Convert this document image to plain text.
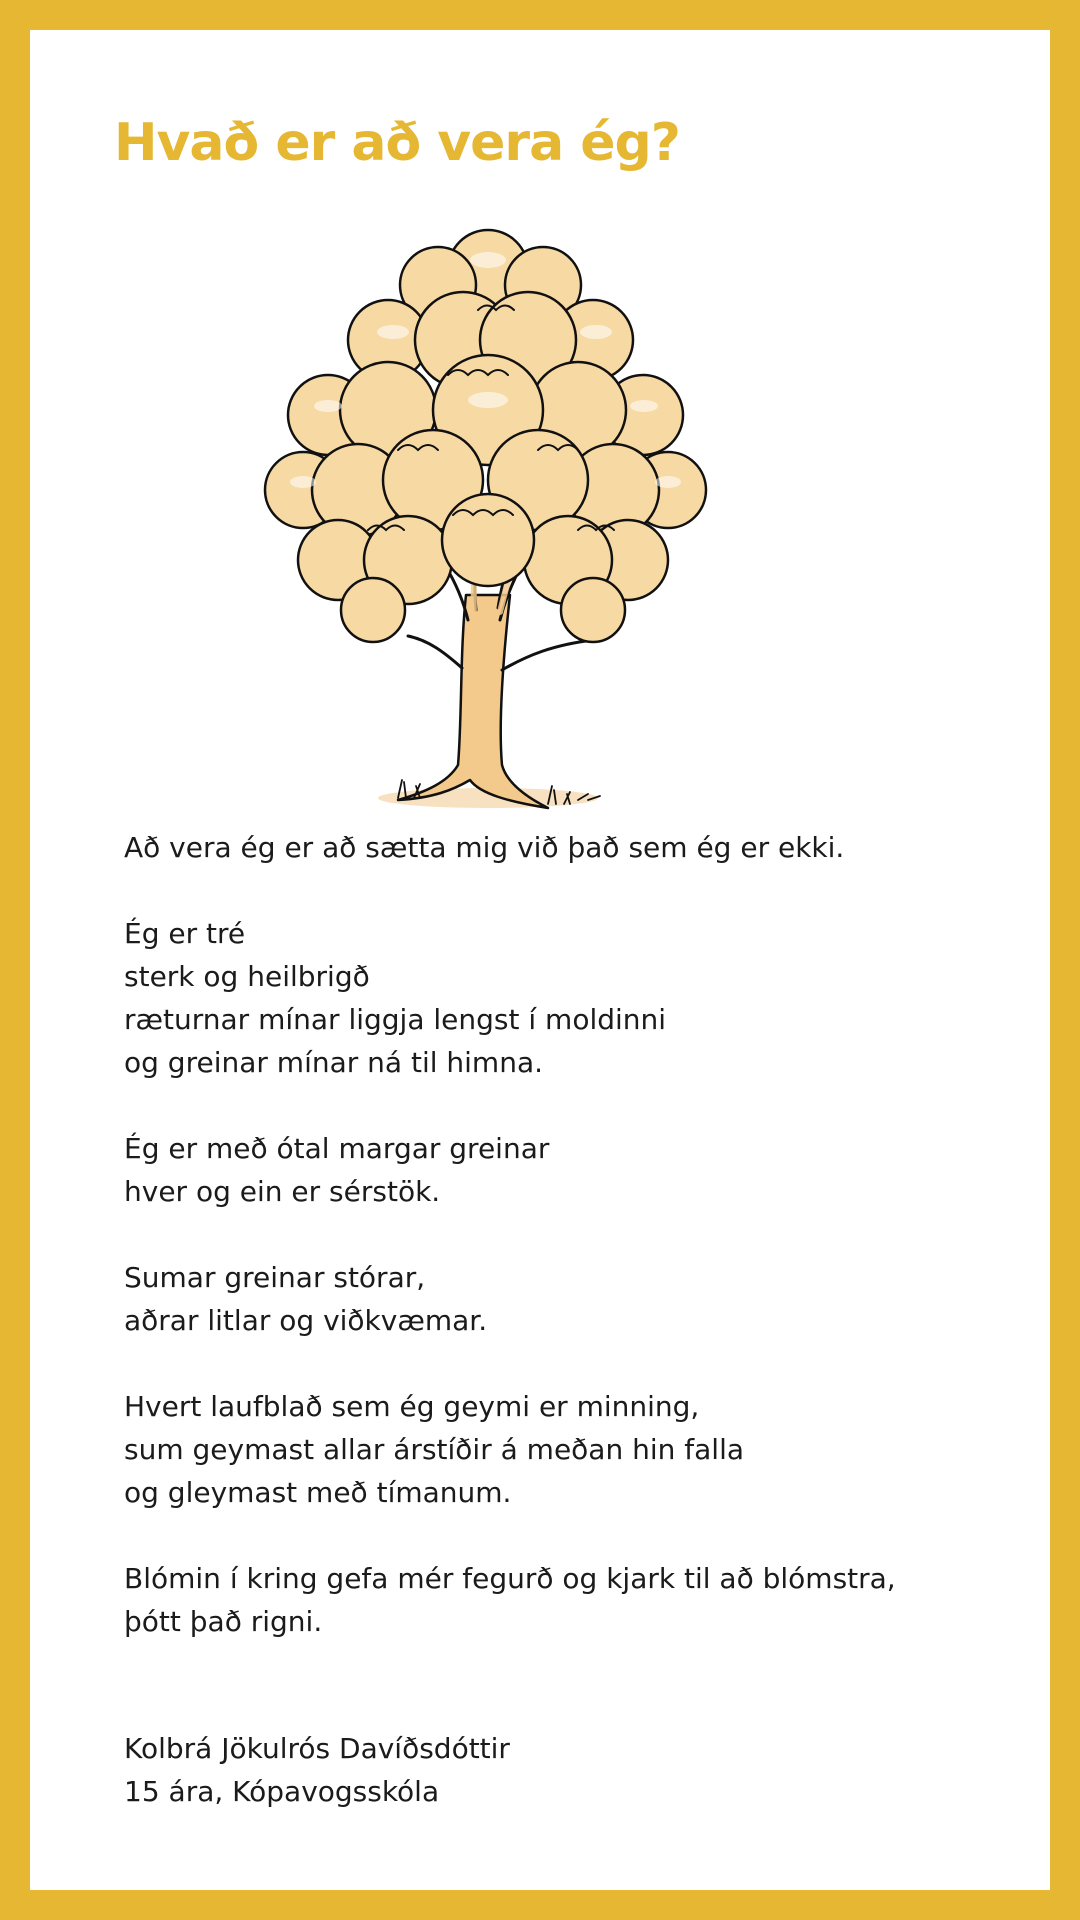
Hvað er að vera ég?
Að vera ég er að sætta mig við það sem ég er ekki.
Ég er tré
sterk og heilbrigð
ræturnar mínar liggja lengst í moldinni
og greinar mínar ná til himna.
Ég er með ótal margar greinar
hver og ein er sérstök.
Sumar greinar stórar,
aðrar litlar og viðkvæmar.
Hvert laufblað sem ég geymi er minning,
sum geymast allar árstíðir á meðan hin falla
og gleymast með tímanum.
Blómin í kring gefa mér fegurð og kjark til að blómstra,
þótt það rigni.
Kolbrá Jökulrós Davíðsdóttir
15 ára, Kópavogsskóla
